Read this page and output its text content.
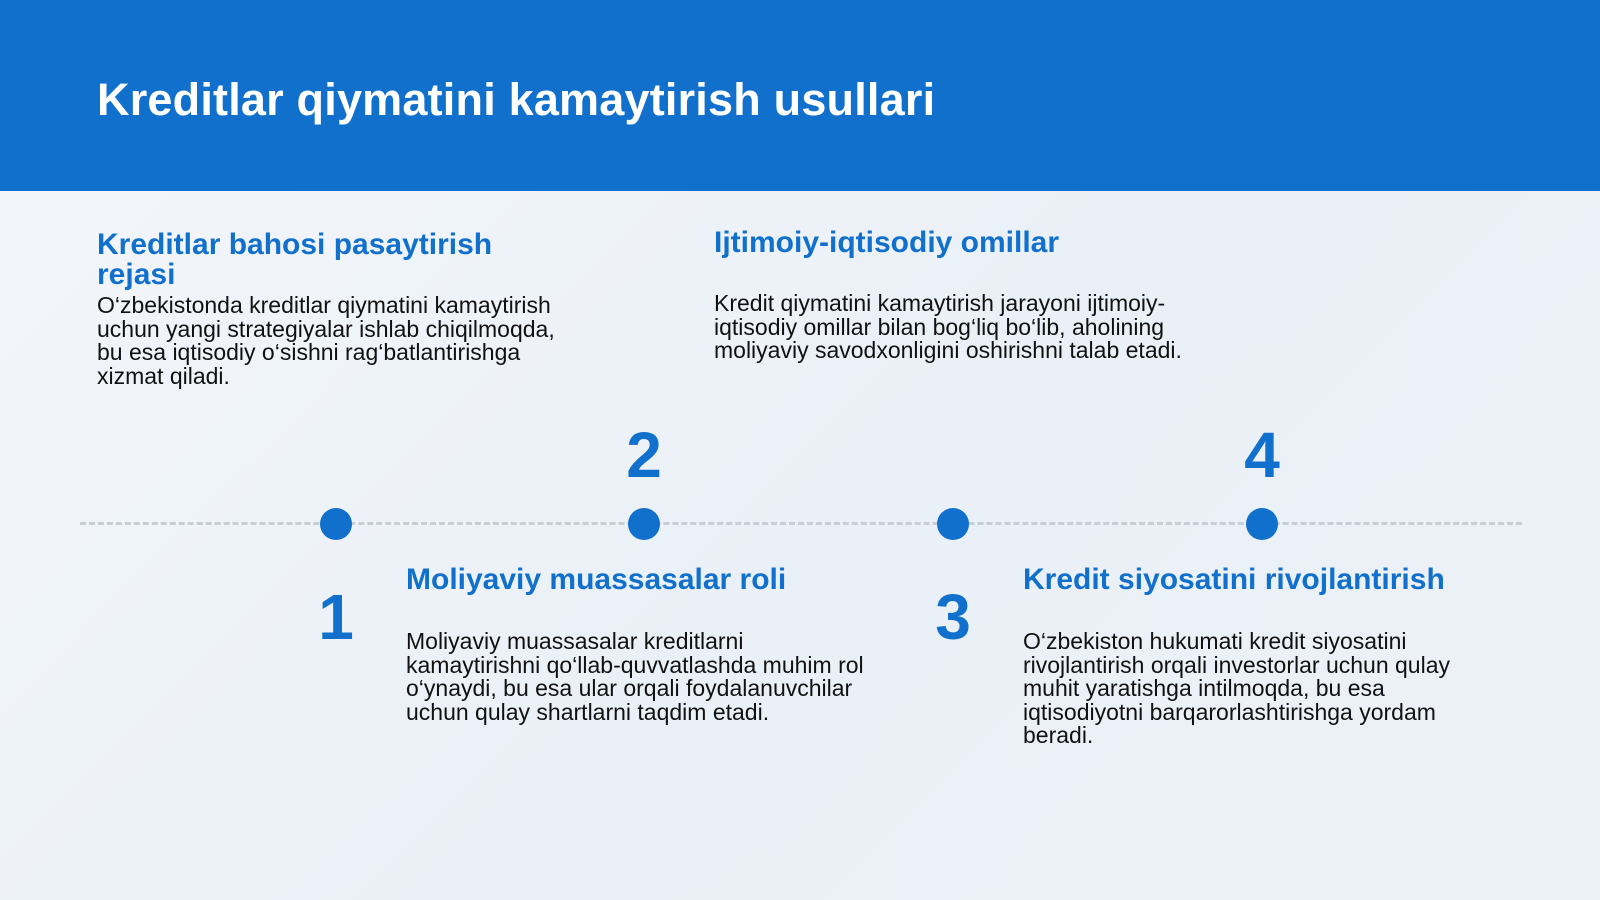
Kreditlar qiymatini kamaytirish usullari
Kreditlar bahosi pasaytirish rejasi
O‘zbekistonda kreditlar qiymatini kamaytirish uchun yangi strategiyalar ishlab chiqilmoqda, bu esa iqtisodiy o‘sishni rag‘batlantirishga xizmat qiladi.
Ijtimoiy-iqtisodiy omillar
Kredit qiymatini kamaytirish jarayoni ijtimoiy-iqtisodiy omillar bilan bog‘liq bo‘lib, aholining moliyaviy savodxonligini oshirishni talab etadi.
Moliyaviy muassasalar roli
Moliyaviy muassasalar kreditlarni kamaytirishni qo‘llab-quvvatlashda muhim rol o‘ynaydi, bu esa ular orqali foydalanuvchilar uchun qulay shartlarni taqdim etadi.
Kredit siyosatini rivojlantirish
O‘zbekiston hukumati kredit siyosatini rivojlantirish orqali investorlar uchun qulay muhit yaratishga intilmoqda, bu esa iqtisodiyotni barqarorlashtirishga yordam beradi.
1
2
3
4
